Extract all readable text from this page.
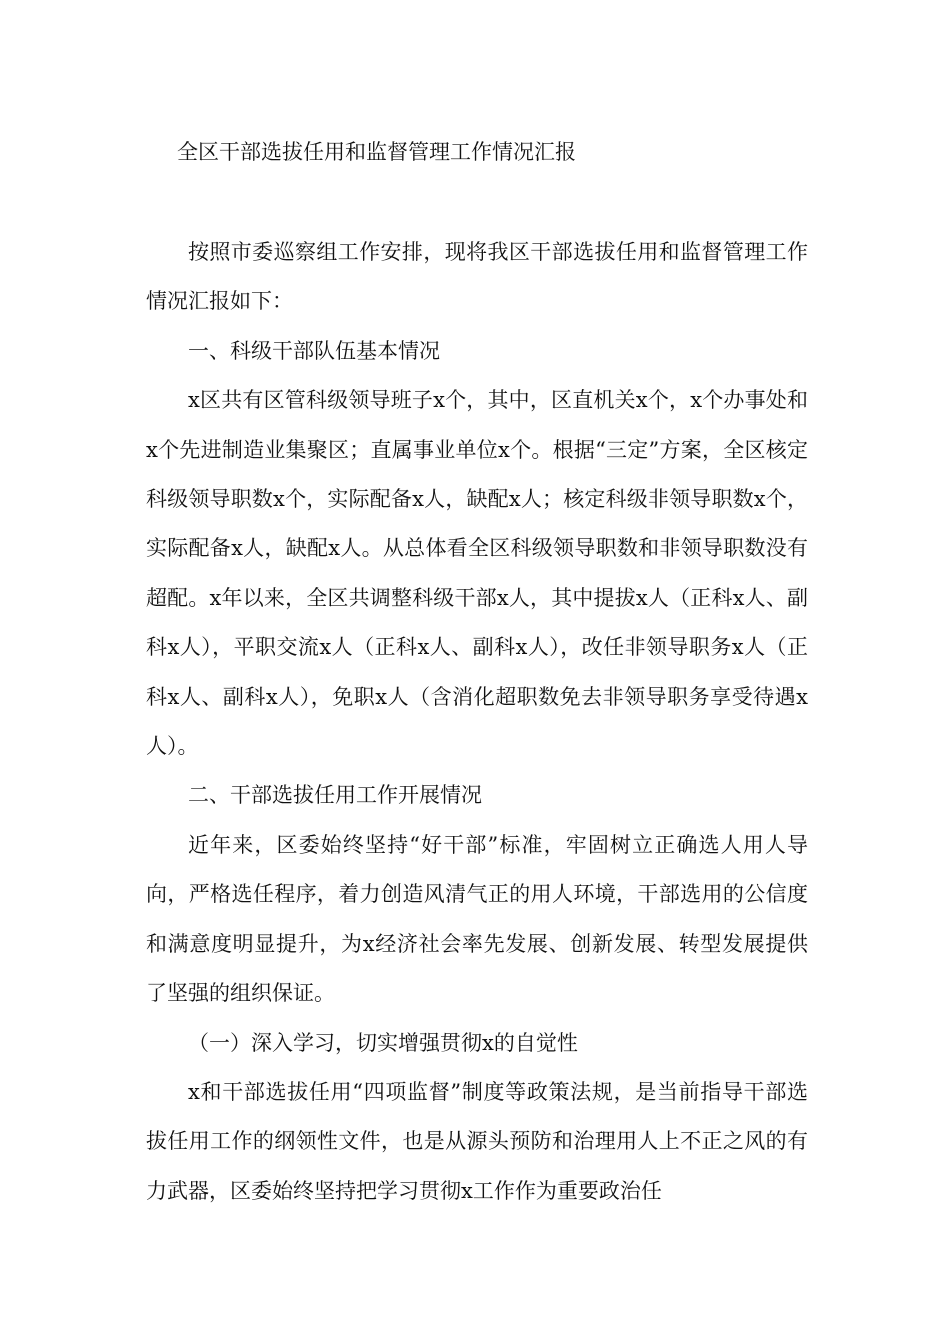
全区干部选拔任用和监督管理工作情况汇报

按照市委巡察组工作安排，现将我区干部选拔任用和监督管理工作情况汇报如下：

一、科级干部队伍基本情况

x区共有区管科级领导班子x个，其中，区直机关x个，x个办事处和x个先进制造业集聚区；直属事业单位x个。根据“三定”方案，全区核定科级领导职数x个，实际配备x人，缺配x人；核定科级非领导职数x个，实际配备x人，缺配x人。从总体看全区科级领导职数和非领导职数没有超配。x年以来，全区共调整科级干部x人，其中提拔x人（正科x人、副科x人），平职交流x人（正科x人、副科x人），改任非领导职务x人（正科x人、副科x人），免职x人（含消化超职数免去非领导职务享受待遇x人）。

二、干部选拔任用工作开展情况

近年来，区委始终坚持“好干部”标准，牢固树立正确选人用人导向，严格选任程序，着力创造风清气正的用人环境，干部选用的公信度和满意度明显提升，为x经济社会率先发展、创新发展、转型发展提供了坚强的组织保证。

（一）深入学习，切实增强贯彻x的自觉性

x和干部选拔任用“四项监督”制度等政策法规，是当前指导干部选拔任用工作的纲领性文件，也是从源头预防和治理用人上不正之风的有力武器，区委始终坚持把学习贯彻x工作作为重要政治任
